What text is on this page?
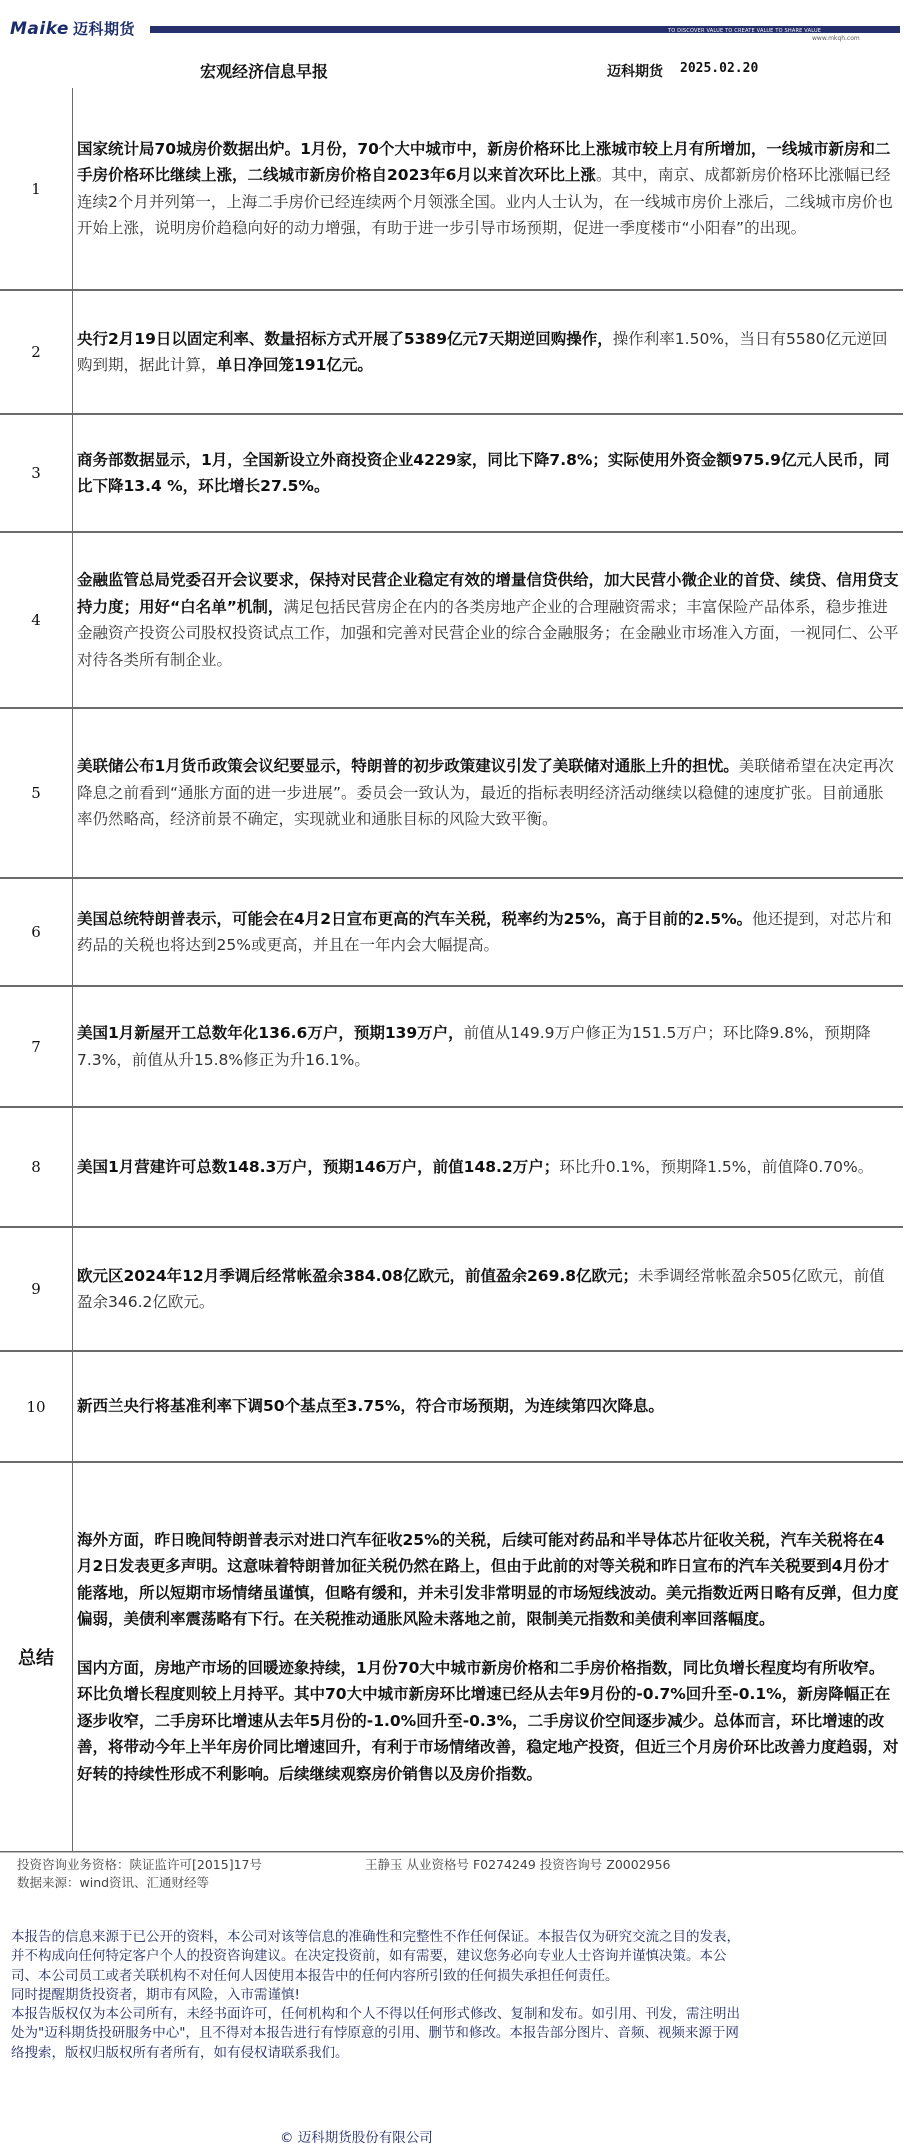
Maike 迈科期货	TO DISCOVER VALUE TO CREATE VALUE TO SHARE VALUE
www.mkqh.com
宏观经济信息早报	迈科期货 2025.02.20
1	国家统计局70城房价数据出炉。1月份，70个大中城市中，新房价格环比上涨城市较上月有所增加，一线城市新房和二手房价格环比继续上涨，二线城市新房价格自2023年6月以来首次环比上涨。其中，南京、成都新房价格环比涨幅已经连续2个月并列第一，上海二手房价已经连续两个月领涨全国。业内人士认为，在一线城市房价上涨后，二线城市房价也开始上涨，说明房价趋稳向好的动力增强，有助于进一步引导市场预期，促进一季度楼市“小阳春”的出现。
2	央行2月19日以固定利率、数量招标方式开展了5389亿元7天期逆回购操作，操作利率1.50%，当日有5580亿元逆回购到期，据此计算，单日净回笼191亿元。
3	商务部数据显示，1月，全国新设立外商投资企业4229家，同比下降7.8%；实际使用外资金额975.9亿元人民币，同比下降13.4 %，环比增长27.5%。
4	金融监管总局党委召开会议要求，保持对民营企业稳定有效的增量信贷供给，加大民营小微企业的首贷、续贷、信用贷支持力度；用好“白名单”机制，满足包括民营房企在内的各类房地产企业的合理融资需求；丰富保险产品体系，稳步推进金融资产投资公司股权投资试点工作，加强和完善对民营企业的综合金融服务；在金融业市场准入方面，一视同仁、公平对待各类所有制企业。
5	美联储公布1月货币政策会议纪要显示，特朗普的初步政策建议引发了美联储对通胀上升的担忧。美联储希望在决定再次降息之前看到“通胀方面的进一步进展”。委员会一致认为，最近的指标表明经济活动继续以稳健的速度扩张。目前通胀率仍然略高，经济前景不确定，实现就业和通胀目标的风险大致平衡。
6	美国总统特朗普表示，可能会在4月2日宣布更高的汽车关税，税率约为25%，高于目前的2.5%。他还提到，对芯片和药品的关税也将达到25%或更高，并且在一年内会大幅提高。
7	美国1月新屋开工总数年化136.6万户，预期139万户，前值从149.9万户修正为151.5万户；环比降9.8%，预期降7.3%，前值从升15.8%修正为升16.1%。
8	美国1月营建许可总数148.3万户，预期146万户，前值148.2万户；环比升0.1%，预期降1.5%，前值降0.70%。
9	欧元区2024年12月季调后经常帐盈余384.08亿欧元，前值盈余269.8亿欧元；未季调经常帐盈余505亿欧元，前值盈余346.2亿欧元。
10	新西兰央行将基准利率下调50个基点至3.75%，符合市场预期，为连续第四次降息。
总结	海外方面，昨日晚间特朗普表示对进口汽车征收25%的关税，后续可能对药品和半导体芯片征收关税，汽车关税将在4月2日发表更多声明。这意味着特朗普加征关税仍然在路上，但由于此前的对等关税和昨日宣布的汽车关税要到4月份才能落地，所以短期市场情绪虽谨慎，但略有缓和，并未引发非常明显的市场短线波动。美元指数近两日略有反弹，但力度偏弱，美债利率震荡略有下行。在关税推动通胀风险未落地之前，限制美元指数和美债利率回落幅度。
国内方面，房地产市场的回暖迹象持续，1月份70大中城市新房价格和二手房价格指数，同比负增长程度均有所收窄。环比负增长程度则较上月持平。其中70大中城市新房环比增速已经从去年9月份的-0.7%回升至-0.1%，新房降幅正在逐步收窄，二手房环比增速从去年5月份的-1.0%回升至-0.3%，二手房议价空间逐步减少。总体而言，环比增速的改善，将带动今年上半年房价同比增速回升，有利于市场情绪改善，稳定地产投资，但近三个月房价环比改善力度趋弱，对好转的持续性形成不利影响。后续继续观察房价销售以及房价指数。
投资咨询业务资格：陕证监许可[2015]17号
数据来源：wind资讯、汇通财经等
王静玉 从业资格号 F0274249 投资咨询号 Z0002956
本报告的信息来源于已公开的资料，本公司对该等信息的准确性和完整性不作任何保证。本报告仅为研究交流之目的发表，并不构成向任何特定客户个人的投资咨询建议。在决定投资前，如有需要，建议您务必向专业人士咨询并谨慎决策。本公司、本公司员工或者关联机构不对任何人因使用本报告中的任何内容所引致的任何损失承担任何责任。
同时提醒期货投资者，期市有风险，入市需谨慎!
本报告版权仅为本公司所有，未经书面许可，任何机构和个人不得以任何形式修改、复制和发布。如引用、刊发，需注明出处为"迈科期货投研服务中心"，且不得对本报告进行有悖原意的引用、删节和修改。本报告部分图片、音频、视频来源于网络搜索，版权归版权所有者所有，如有侵权请联系我们。
© 迈科期货股份有限公司
